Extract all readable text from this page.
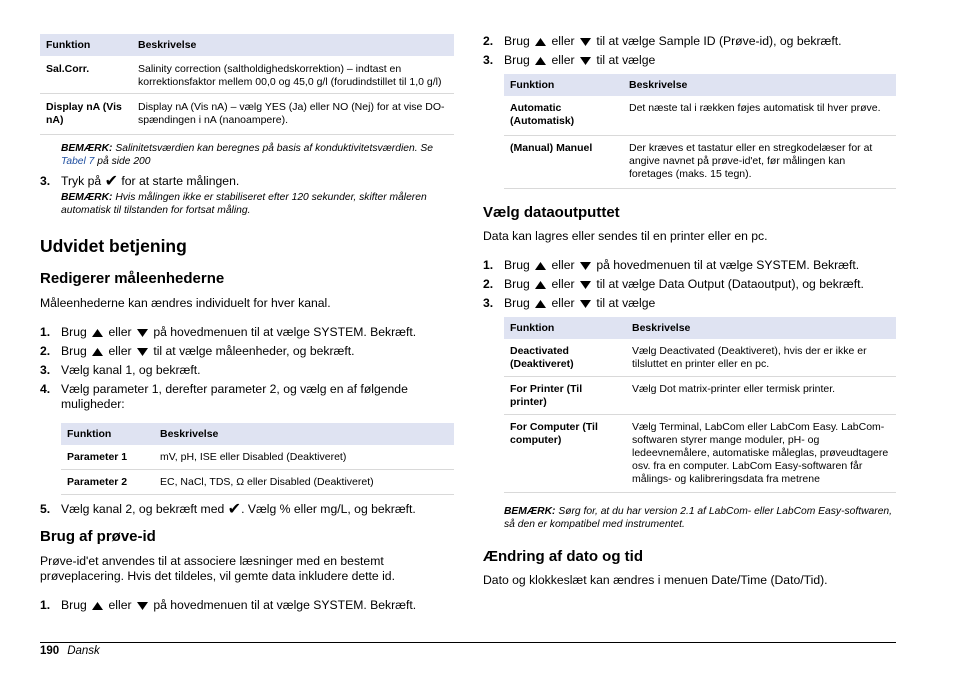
Funktion	Beskrivelse
Sal.Corr.	Salinity correction (saltholdighedskorrektion) – indtast en korrektionsfaktor mellem 00,0 og 45,0 g/l (forudindstillet til 1,0 g/l)
Display nA (Vis nA)	Display nA (Vis nA) – vælg YES (Ja) eller NO (Nej) for at vise DO-spændingen i nA (nanoampere).
BEMÆRK: Salinitetsværdien kan beregnes på basis af konduktivitetsværdien. Se Tabel 7 på side 200
3. Tryk på ✔ for at starte målingen.
BEMÆRK: Hvis målingen ikke er stabiliseret efter 120 sekunder, skifter måleren automatisk til tilstanden for fortsat måling.
Udvidet betjening
Redigerer måleenhederne

Måleenhederne kan ændres individuelt for hver kanal.

1. Brug  eller  på hovedmenuen til at vælge SYSTEM. Bekræft.
2. Brug  eller  til at vælge måleenheder, og bekræft.
3. Vælg kanal 1, og bekræft.
4. Vælg parameter 1, derefter parameter 2, og vælg en af følgende muligheder:
Funktion	Beskrivelse
Parameter 1	mV, pH, ISE eller Disabled (Deaktiveret)
Parameter 2	EC, NaCl, TDS, Ω eller Disabled (Deaktiveret)
5. Vælg kanal 2, og bekræft med ✔. Vælg % eller mg/L, og bekræft.
Brug af prøve-id

Prøve-id'et anvendes til at associere læsninger med en bestemt prøveplacering. Hvis det tildeles, vil gemte data inkludere dette id.

1. Brug  eller  på hovedmenuen til at vælge SYSTEM. Bekræft.
2. Brug  eller  til at vælge Sample ID (Prøve-id), og bekræft.
3. Brug  eller  til at vælge
Funktion	Beskrivelse
Automatic (Automatisk)	Det næste tal i rækken føjes automatisk til hver prøve.
(Manual) Manuel	Der kræves et tastatur eller en stregkodelæser for at angive navnet på prøve-id'et, før målingen kan foretages (maks. 15 tegn).
Vælg dataoutputtet

Data kan lagres eller sendes til en printer eller en pc.

1. Brug  eller  på hovedmenuen til at vælge SYSTEM. Bekræft.
2. Brug  eller  til at vælge Data Output (Dataoutput), og bekræft.
3. Brug  eller  til at vælge
Funktion	Beskrivelse
Deactivated (Deaktiveret)	Vælg Deactivated (Deaktiveret), hvis der er ikke er tilsluttet en printer eller en pc.
For Printer (Til printer)	Vælg Dot matrix-printer eller termisk printer.
For Computer (Til computer)	Vælg Terminal, LabCom eller LabCom Easy. LabCom-softwaren styrer mange moduler, pH- og ledeevnemålere, automatiske måleglas, prøveudtagere osv. fra en computer. LabCom Easy-softwaren får målings- og kalibreringsdata fra metrene
BEMÆRK: Sørg for, at du har version 2.1 af LabCom- eller LabCom Easy-softwaren, så den er kompatibel med instrumentet.
Ændring af dato og tid

Dato og klokkeslæt kan ændres i menuen Date/Time (Dato/Tid).

190 Dansk
